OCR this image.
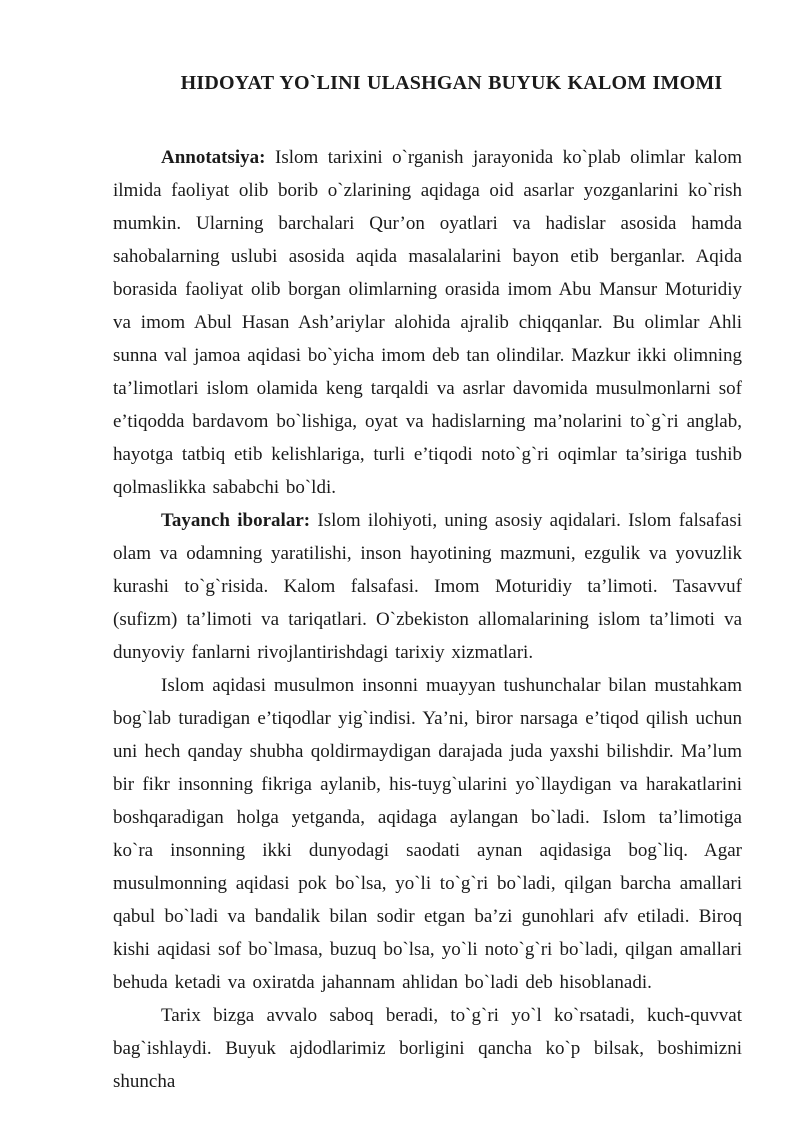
HIDOYAT YO`LINI ULASHGAN BUYUK KALOM IMOMI

Annotatsiya: Islom tarixini o`rganish jarayonida ko`plab olimlar kalom ilmida faoliyat olib borib o`zlarining aqidaga oid asarlar yozganlarini ko`rish mumkin. Ularning barchalari Qur’on oyatlari va hadislar asosida hamda sahobalarning uslubi asosida aqida masalalarini bayon etib berganlar. Aqida borasida faoliyat olib borgan olimlarning orasida imom Abu Mansur Moturidiy va imom Abul Hasan Ash’ariylar alohida ajralib chiqqanlar. Bu olimlar Ahli sunna val jamoa aqidasi bo`yicha imom deb tan olindilar. Mazkur ikki olimning ta’limotlari islom olamida keng tarqaldi va asrlar davomida musulmonlarni sof e’tiqodda bardavom bo`lishiga, oyat va hadislarning ma’nolarini to`g`ri anglab, hayotga tatbiq etib kelishlariga, turli e’tiqodi noto`g`ri oqimlar ta’siriga tushib qolmaslikka sababchi bo`ldi.

Tayanch iboralar: Islom ilohiyoti, uning asosiy aqidalari. Islom falsafasi olam va odamning yaratilishi, inson hayotining mazmuni, ezgulik va yovuzlik kurashi to`g`risida. Kalom falsafasi. Imom Moturidiy ta’limoti. Tasavvuf (sufizm) ta’limoti va tariqatlari. O`zbekiston allomalarining islom ta’limoti va dunyoviy fanlarni rivojlantirishdagi tarixiy xizmatlari.

Islom aqidasi musulmon insonni muayyan tushunchalar bilan mustahkam bog`lab turadigan e’tiqodlar yig`indisi. Ya’ni, biror narsaga e’tiqod qilish uchun uni hech qanday shubha qoldirmaydigan darajada juda yaxshi bilishdir. Ma’lum bir fikr insonning fikriga aylanib, his-tuyg`ularini yo`llaydigan va harakatlarini boshqaradigan holga yetganda, aqidaga aylangan bo`ladi. Islom ta’limotiga ko`ra insonning ikki dunyodagi saodati aynan aqidasiga bog`liq. Agar musulmonning aqidasi pok bo`lsa, yo`li to`g`ri bo`ladi, qilgan barcha amallari qabul bo`ladi va bandalik bilan sodir etgan ba’zi gunohlari afv etiladi. Biroq kishi aqidasi sof bo`lmasa, buzuq bo`lsa, yo`li noto`g`ri bo`ladi, qilgan amallari behuda ketadi va oxiratda jahannam ahlidan bo`ladi deb hisoblanadi.

Tarix bizga avvalo saboq beradi, to`g`ri yo`l ko`rsatadi, kuch-quvvat bag`ishlaydi. Buyuk ajdodlarimiz borligini qancha ko`p bilsak, boshimizni shuncha
